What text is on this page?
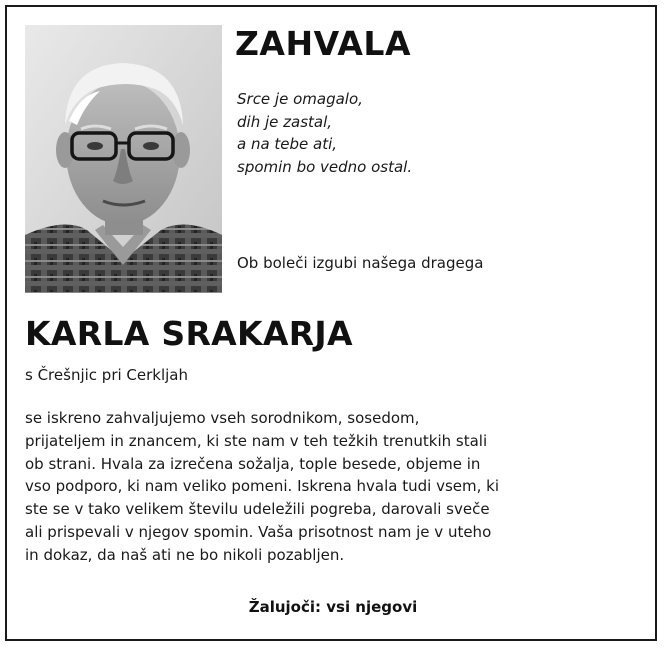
ZAHVALA
Srce je omagalo,
dih je zastal,
a na tebe ati,
spomin bo vedno ostal.

Ob boleči izgubi našega dragega

KARLA SRAKARJA

s Črešnjic pri Cerkljah

se iskreno zahvaljujemo vseh sorodnikom, sosedom,
prijateljem in znancem, ki ste nam v teh težkih trenutkih stali
ob strani. Hvala za izrečena sožalja, tople besede, objeme in
vso podporo, ki nam veliko pomeni. Iskrena hvala tudi vsem, ki
ste se v tako velikem številu udeležili pogreba, darovali sveče
ali prispevali v njegov spomin. Vaša prisotnost nam je v uteho
in dokaz, da naš ati ne bo nikoli pozabljen.

Žalujoči: vsi njegovi
